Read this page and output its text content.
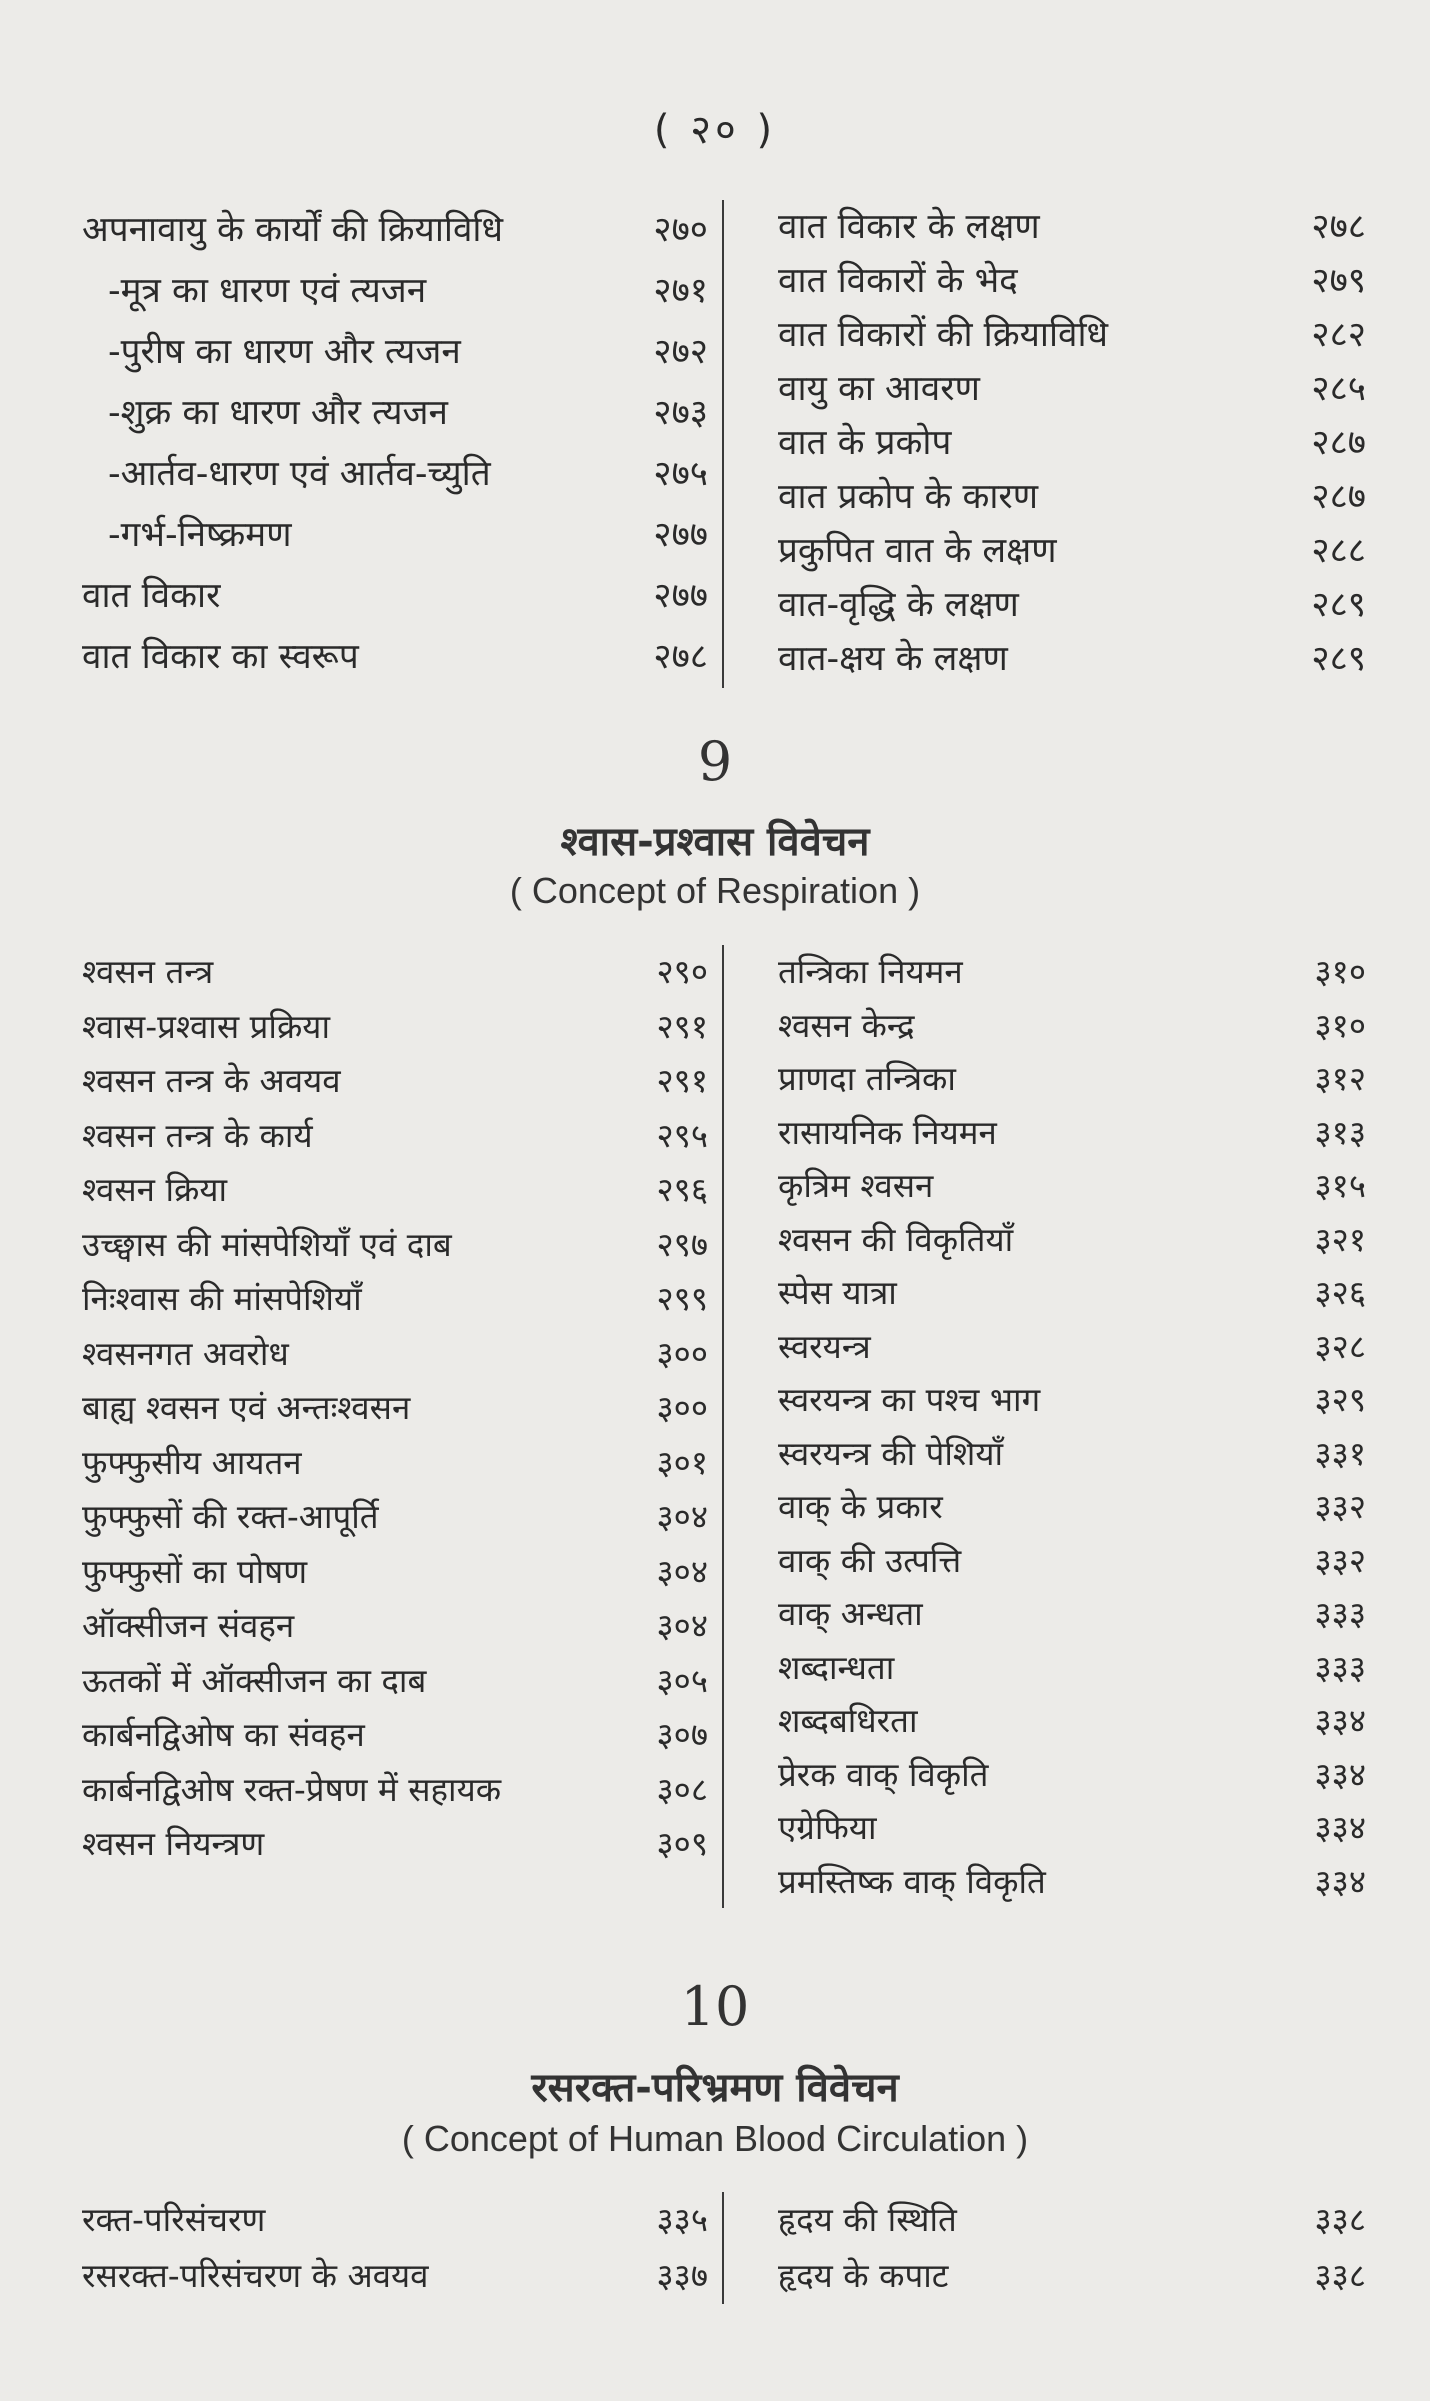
( २० )
अपनावायु के कार्यों की क्रियाविधि	२७०
-मूत्र का धारण एवं त्यजन	२७१
-पुरीष का धारण और त्यजन	२७२
-शुक्र का धारण और त्यजन	२७३
-आर्तव-धारण एवं आर्तव-च्युति	२७५
-गर्भ-निष्क्रमण	२७७
वात विकार	२७७
वात विकार का स्वरूप	२७८
वात विकार के लक्षण	२७८
वात विकारों के भेद	२७९
वात विकारों की क्रियाविधि	२८२
वायु का आवरण	२८५
वात के प्रकोप	२८७
वात प्रकोप के कारण	२८७
प्रकुपित वात के लक्षण	२८८
वात-वृद्धि के लक्षण	२८९
वात-क्षय के लक्षण	२८९
9
श्वास-प्रश्वास विवेचन
( Concept of Respiration )
श्वसन तन्त्र	२९०
श्वास-प्रश्वास प्रक्रिया	२९१
श्वसन तन्त्र के अवयव	२९१
श्वसन तन्त्र के कार्य	२९५
श्वसन क्रिया	२९६
उच्छ्वास की मांसपेशियाँ एवं दाब	२९७
निःश्वास की मांसपेशियाँ	२९९
श्वसनगत अवरोध	३००
बाह्य श्वसन एवं अन्तःश्वसन	३००
फुफ्फुसीय आयतन	३०१
फुफ्फुसों की रक्त-आपूर्ति	३०४
फुफ्फुसों का पोषण	३०४
ऑक्सीजन संवहन	३०४
ऊतकों में ऑक्सीजन का दाब	३०५
कार्बनद्विओष का संवहन	३०७
कार्बनद्विओष रक्त-प्रेषण में सहायक	३०८
श्वसन नियन्त्रण	३०९
तन्त्रिका नियमन	३१०
श्वसन केन्द्र	३१०
प्राणदा तन्त्रिका	३१२
रासायनिक नियमन	३१३
कृत्रिम श्वसन	३१५
श्वसन की विकृतियाँ	३२१
स्पेस यात्रा	३२६
स्वरयन्त्र	३२८
स्वरयन्त्र का पश्च भाग	३२९
स्वरयन्त्र की पेशियाँ	३३१
वाक् के प्रकार	३३२
वाक् की उत्पत्ति	३३२
वाक् अन्धता	३३३
शब्दान्धता	३३३
शब्दबधिरता	३३४
प्रेरक वाक् विकृति	३३४
एग्रेफिया	३३४
प्रमस्तिष्क वाक् विकृति	३३४
10
रसरक्त-परिभ्रमण विवेचन
( Concept of Human Blood Circulation )
रक्त-परिसंचरण	३३५
रसरक्त-परिसंचरण के अवयव	३३७
हृदय की स्थिति	३३८
हृदय के कपाट	३३८
